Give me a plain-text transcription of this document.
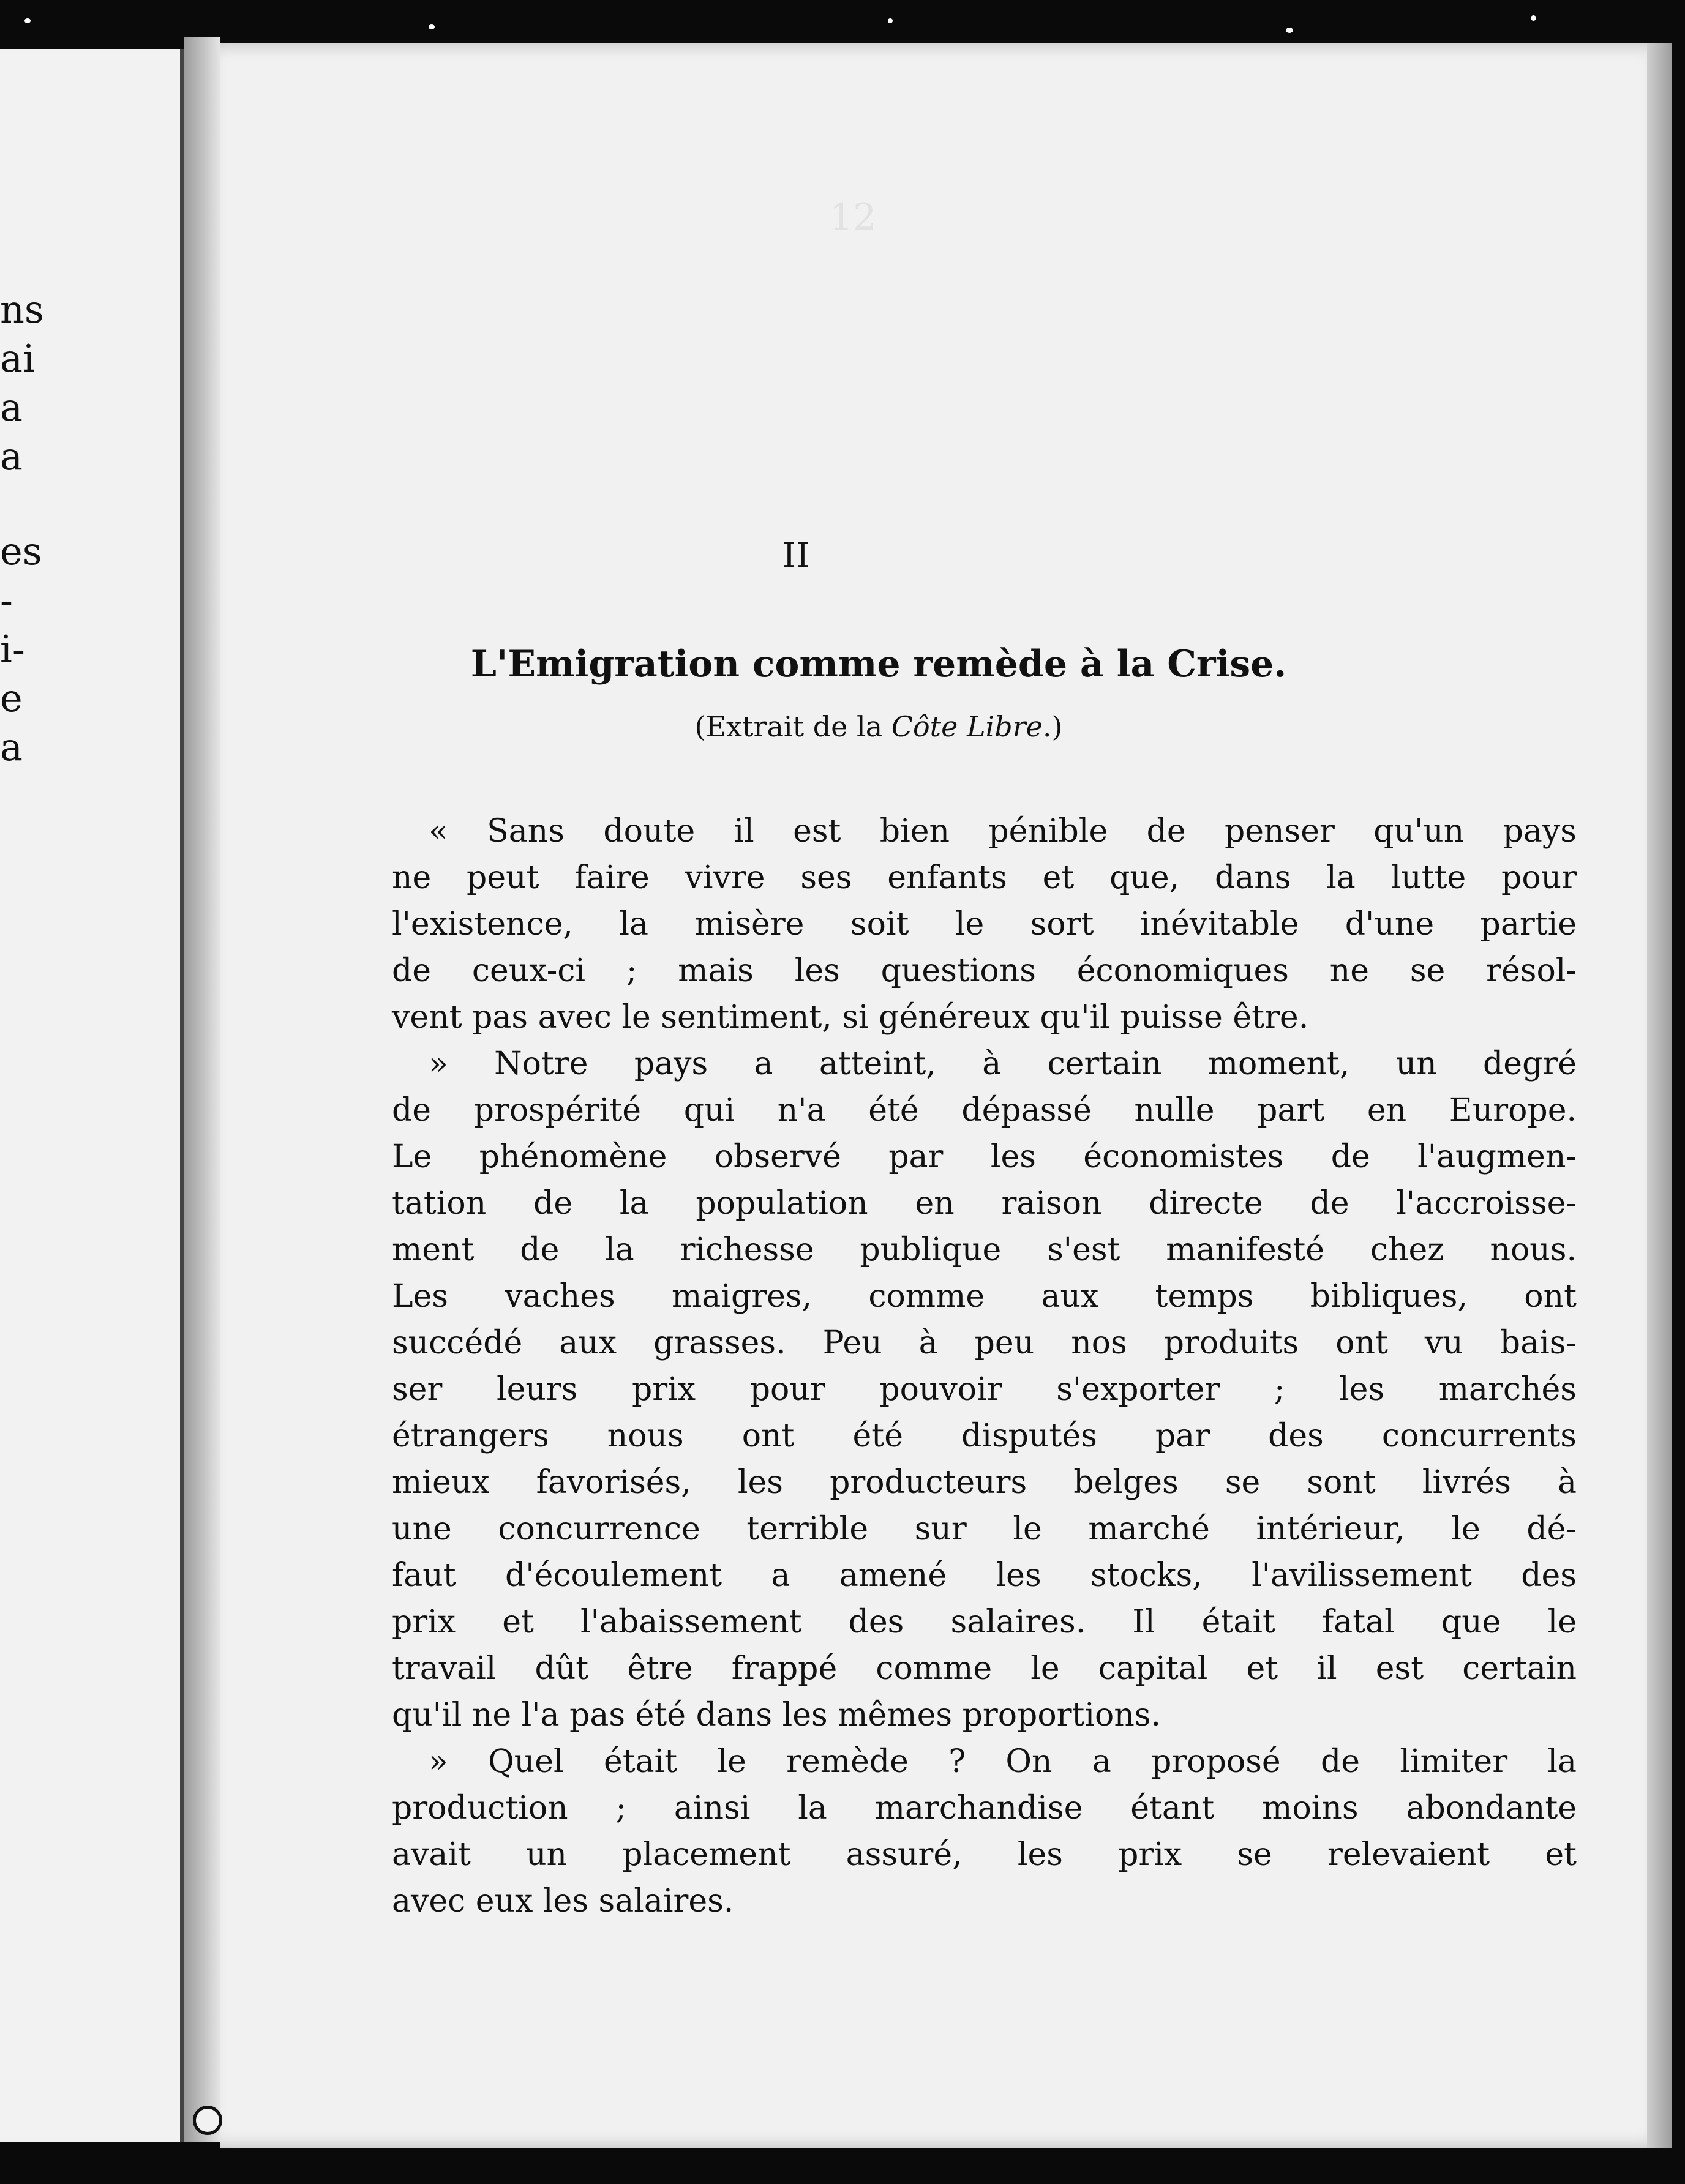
ns
ai
a
a
es
-
i-
e
a
12
II
L'Emigration comme remède à la Crise.
(Extrait de la Côte Libre.)
« Sans doute il est bien pénible de penser qu'un pays
ne peut faire vivre ses enfants et que, dans la lutte pour
l'existence, la misère soit le sort inévitable d'une partie
de ceux-ci ; mais les questions économiques ne se résol-
vent pas avec le sentiment, si généreux qu'il puisse être.
» Notre pays a atteint, à certain moment, un degré
de prospérité qui n'a été dépassé nulle part en Europe.
Le phénomène observé par les économistes de l'augmen-
tation de la population en raison directe de l'accroisse-
ment de la richesse publique s'est manifesté chez nous.
Les vaches maigres, comme aux temps bibliques, ont
succédé aux grasses. Peu à peu nos produits ont vu bais-
ser leurs prix pour pouvoir s'exporter ; les marchés
étrangers nous ont été disputés par des concurrents
mieux favorisés, les producteurs belges se sont livrés à
une concurrence terrible sur le marché intérieur, le dé-
faut d'écoulement a amené les stocks, l'avilissement des
prix et l'abaissement des salaires. Il était fatal que le
travail dût être frappé comme le capital et il est certain
qu'il ne l'a pas été dans les mêmes proportions.
» Quel était le remède ? On a proposé de limiter la
production ; ainsi la marchandise étant moins abondante
avait un placement assuré, les prix se relevaient et
avec eux les salaires.
